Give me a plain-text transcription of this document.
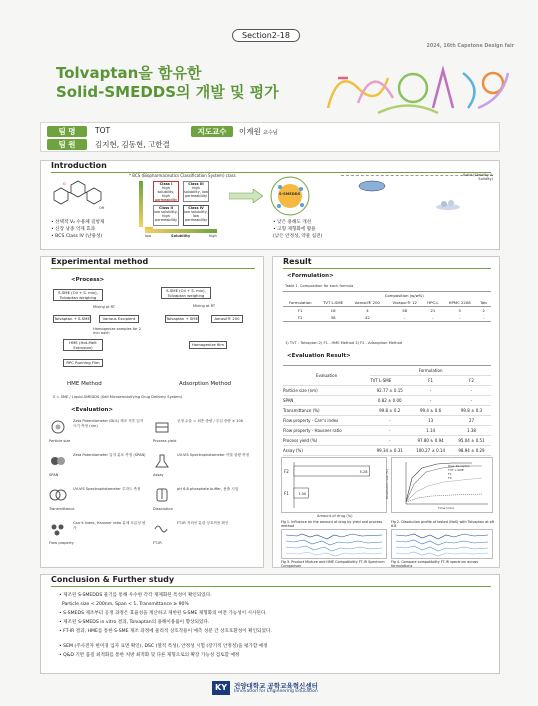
Section2-18
2024, 16th Capstone Design fair
Tolvaptan을 함유한
Solid-SMEDDS의 개발 및 평가
팀 명	TOT
팀 원	김지현, 김동현, 고한결
지도교수	이계원 교수님
Introduction
O
OH
* BCS (Biopharmaceutics Classification System) class
Class I
high solubility, high permeability
Class III
high solubility, low permeability
Class II
low solubility, high permeability
Class IV
low solubility, low permeability
low	Solubility	high
S-SMEDDS
Solid (Stability & Solidity)
• 선택적 V₂ 수용체 길항제
• 신장 낭종 억제 효과
• BCS Class IV (난용성)
• 낮은 용해도 개선
• 고형 제형화에 활용
(낮은 안정성, 약물 침전)
Experimental method
<Process>
S-SME (Oil + S. mix), Tolvaptan weighing
Mixing at RT
Tolvaptan + S-SME	Various Excipient
Homogenize samples for 2 min each
HME (Hot-Melt Extrusion)
RPC Running Film
HME Method
S-SME (Oil + S. mix), Tolvaptan weighing
Mixing at RT
Tolvaptan + SME	Aerosil® 200
Homogenize film
Adsorption Method
S = SME / Liquid-SMEDDS (Self-Microemulsifying Drug Delivery System)
<Evaluation>
Particle size
Zeta Potentiometer (DLS) 제조 직후 입자 크기 측정 (nm)
Process yield
공정 수율 = 최종 중량 / 투입 중량 × 100
SPAN
Zeta Potentiometer 입자 분포 측정 (SPAN)
Assay
UV-VIS Spectrophotometer 약물 함량 측정
Transmittance
UV-VIS Spectrophotometer 투과도 측정
Dissolution
pH 6.8 phosphate buffer, 용출 시험
Flow property
Carr's Index, Hausner ratio 분체 흐름성 평가
FT-IR
FT-IR 적외선 분광 상호작용 확인
Result
<Formulation>
Table 1. Composition for each formula
	Composition (w/w%)					
Formulation	TVT L-SME	Aerosil® 200	Vivapur® 12	HPC-L	HPMC 2208	Talc
F1	16	4	58	21	5	2
F2	38	42	-	-	-	-
1) TVT - Tolvaptan 2) F1 - HME Method 3) F2 - Adsorption Method
<Evaluation Result>
Evaluation	Formulation		
	TVT L-SME	F1	F2
Particle size (nm)	92.77 ± 0.15	-	-
SPAN	0.82 ± 0.00	-	-
Transmittance (%)	99.8 ± 0.2	99.4 ± 0.6	99.8 ± 0.3
Flow property - Carr's index	-	13	27
Flow property - Hausner ratio	-	1.14	1.38
Process yield (%)	-	97.80 ± 0.94	95.04 ± 0.51
Assay (%)	99.34 ± 0.31	100.27 ± 0.14	98.94 ± 0.29
F2	5.28
F1	1.00
Amount of drug (%)
Fig 1. Influence on the amount of drug by yield and process method
Raw Tolvaptan
TVT L-SME
F1
F2
Time (min)
Dissolution rate (%)
Fig 2. Dissolution profile of tested (NaS) with Tolvaptan at pH 6.8
Fig 3. Product Mixture and HME Compatibility FT-IR Spectrum Comparison
Fig 4. Compare compatibility FT-IR spectrum across formulations
Conclusion & Further study
• 제조된 S-SMEDDS 물기를 통해 우수한 각각 제제화된 특성이 확인되었다.
Particle size < 200nm, Span < 1, Transmittance ≥ 90%
• S-SMEDS 제조부터 공정 과정은 효율성을 계산하고 제한된 S-SME 제형화의 여전 가능성이 시사된다.
• 제조된 S-SMEDS in vitro 결과, Tolvaptan의 용해이용률이 향상되었다.
• FT-IR 결과, HME를 통한 S-SME 제조 과정에 물리적 상호작용이 예측 성분 간 상호호환성이 확인되었다.
• SEM (주사전자 현미경 입자 표면 확인), DSC (열적 특성), 안정성 시험 (장기적 안정성)을 평가할 예정
• Q&D 기반 품질 최적화를 통한 처방 최적화 및 다른 제형으로의 확장 가능성 검토할 예정
KY	건양대학교 공학교육혁신센터
Innovation for Engineering Education
